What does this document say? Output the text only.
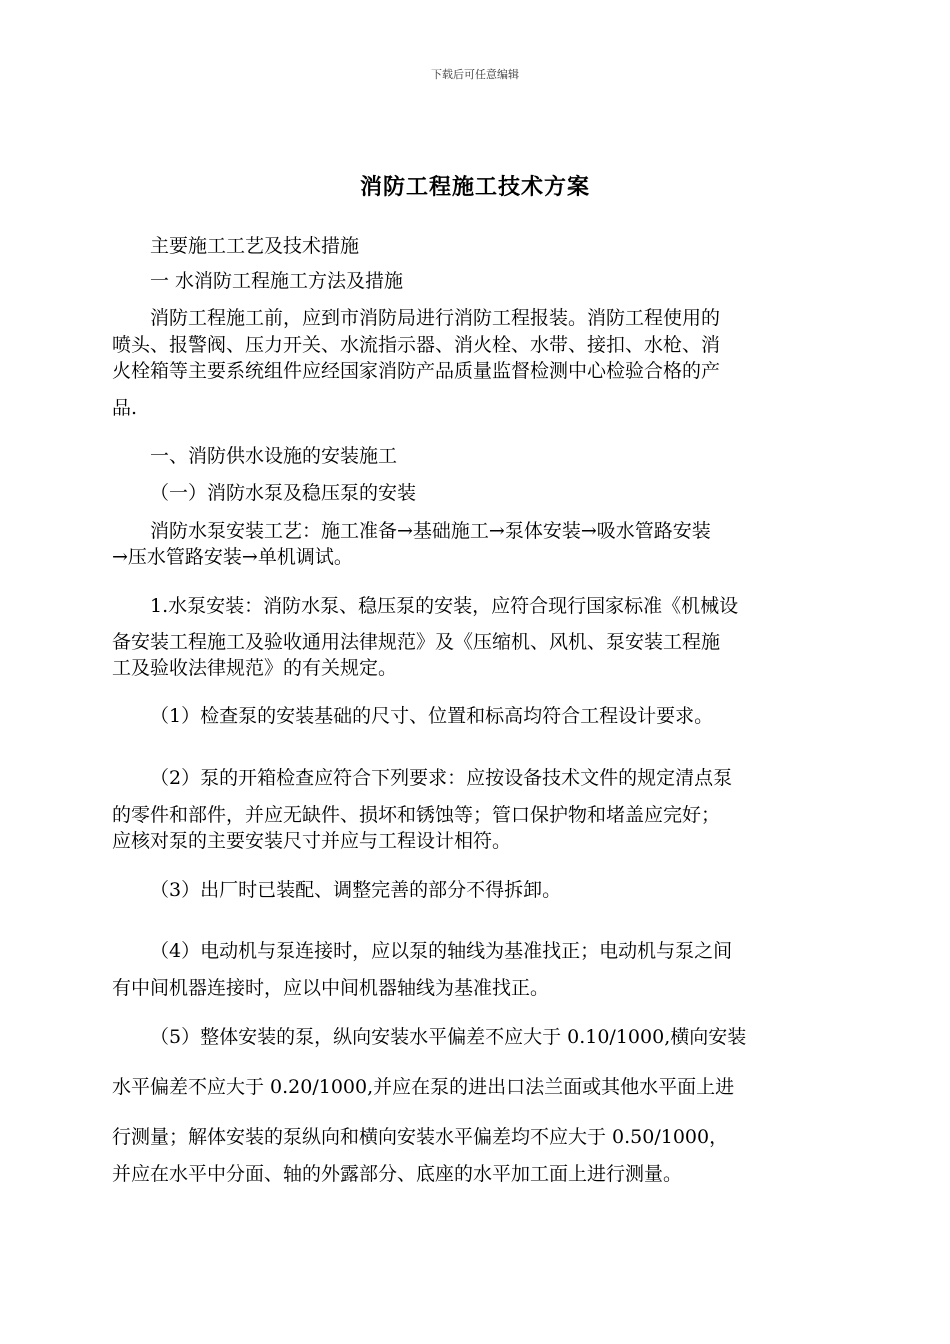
下载后可任意编辑
消防工程施工技术方案
主要施工工艺及技术措施
一 水消防工程施工方法及措施
消防工程施工前，应到市消防局进行消防工程报装。消防工程使用的
喷头、报警阀、压力开关、水流指示器、消火栓、水带、接扣、水枪、消
火栓箱等主要系统组件应经国家消防产品质量监督检测中心检验合格的产
品.
一、消防供水设施的安装施工
（一）消防水泵及稳压泵的安装
消防水泵安装工艺：施工准备→基础施工→泵体安装→吸水管路安装
→压水管路安装→单机调试。
1.水泵安装：消防水泵、稳压泵的安装，应符合现行国家标准《机械设
备安装工程施工及验收通用法律规范》及《压缩机、风机、泵安装工程施
工及验收法律规范》的有关规定。
（1）检查泵的安装基础的尺寸、位置和标高均符合工程设计要求。
（2）泵的开箱检查应符合下列要求：应按设备技术文件的规定清点泵
的零件和部件，并应无缺件、损坏和锈蚀等；管口保护物和堵盖应完好；
应核对泵的主要安装尺寸并应与工程设计相符。
（3）出厂时已装配、调整完善的部分不得拆卸。
（4）电动机与泵连接时，应以泵的轴线为基准找正；电动机与泵之间
有中间机器连接时，应以中间机器轴线为基准找正。
（5）整体安装的泵，纵向安装水平偏差不应大于 0.10/1000,横向安装
水平偏差不应大于 0.20/1000,并应在泵的进出口法兰面或其他水平面上进
行测量；解体安装的泵纵向和横向安装水平偏差均不应大于 0.50/1000，
并应在水平中分面、轴的外露部分、底座的水平加工面上进行测量。
